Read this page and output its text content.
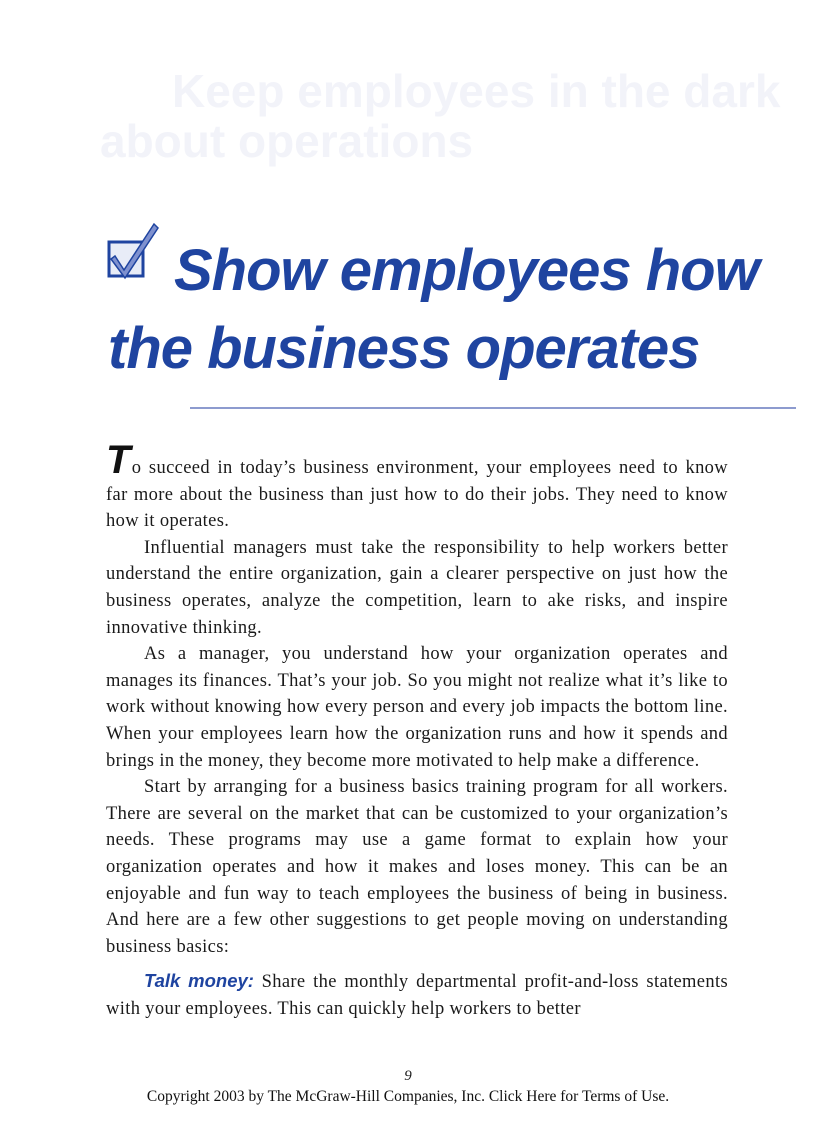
Keep employees in the dark about operations
Show employees how
the business operates

To succeed in today’s business environment, your employees need to know far more about the business than just how to do their jobs. They need to know how it operates.

Influential managers must take the responsibility to help workers better understand the entire organization, gain a clearer perspective on just how the business operates, analyze the competition, learn to ake risks, and inspire innovative thinking.

As a manager, you understand how your organization operates and manages its finances. That’s your job. So you might not realize what it’s like to work without knowing how every person and every job impacts the bottom line. When your employees learn how the organization runs and how it spends and brings in the money, they become more motivated to help make a difference.

Start by arranging for a business basics training program for all workers. There are several on the market that can be customized to your organization’s needs. These programs may use a game format to explain how your organization operates and how it makes and loses money. This can be an enjoyable and fun way to teach employees the business of being in business. And here are a few other suggestions to get people moving on understanding business basics:

Talk money: Share the monthly departmental profit-and-loss statements with your employees. This can quickly help workers to better

9
Copyright 2003 by The McGraw-Hill Companies, Inc. Click Here for Terms of Use.
